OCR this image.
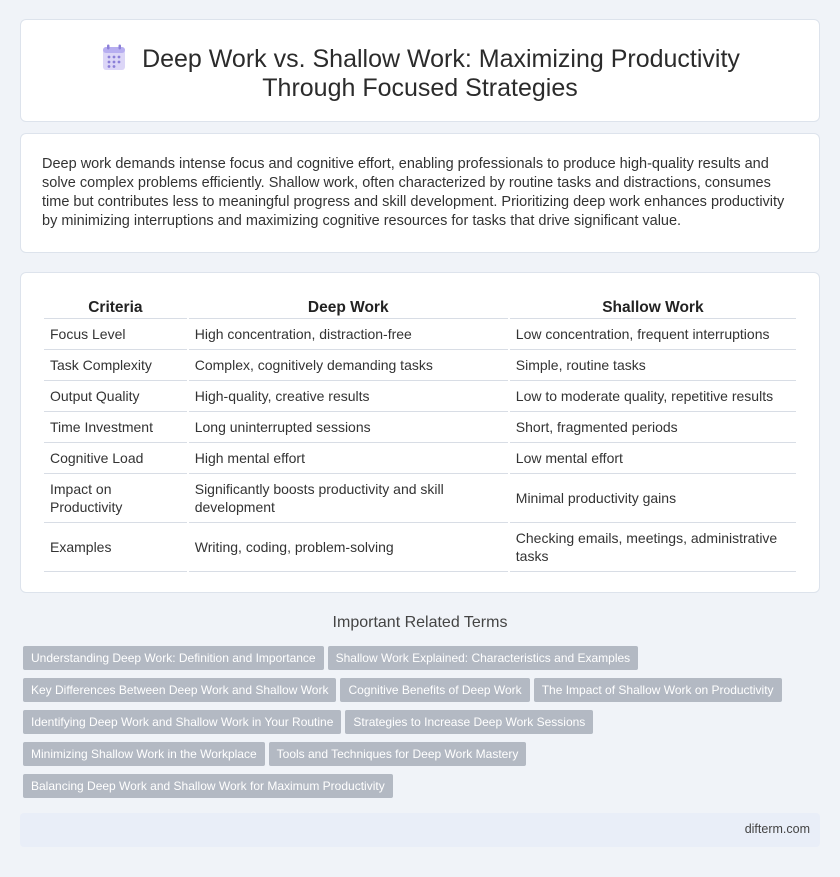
Deep Work vs. Shallow Work: Maximizing Productivity Through Focused Strategies

Deep work demands intense focus and cognitive effort, enabling professionals to produce high-quality results and solve complex problems efficiently. Shallow work, often characterized by routine tasks and distractions, consumes time but contributes less to meaningful progress and skill development. Prioritizing deep work enhances productivity by minimizing interruptions and maximizing cognitive resources for tasks that drive significant value.

Criteria	Deep Work	Shallow Work
Focus Level	High concentration, distraction-free	Low concentration, frequent interruptions
Task Complexity	Complex, cognitively demanding tasks	Simple, routine tasks
Output Quality	High-quality, creative results	Low to moderate quality, repetitive results
Time Investment	Long uninterrupted sessions	Short, fragmented periods
Cognitive Load	High mental effort	Low mental effort
Impact on Productivity	Significantly boosts productivity and skill development	Minimal productivity gains
Examples	Writing, coding, problem-solving	Checking emails, meetings, administrative tasks
Important Related Terms
Understanding Deep Work: Definition and Importance Shallow Work Explained: Characteristics and Examples
Key Differences Between Deep Work and Shallow Work Cognitive Benefits of Deep Work The Impact of Shallow Work on Productivity
Identifying Deep Work and Shallow Work in Your Routine Strategies to Increase Deep Work Sessions
Minimizing Shallow Work in the Workplace Tools and Techniques for Deep Work Mastery
Balancing Deep Work and Shallow Work for Maximum Productivity
difterm.com
